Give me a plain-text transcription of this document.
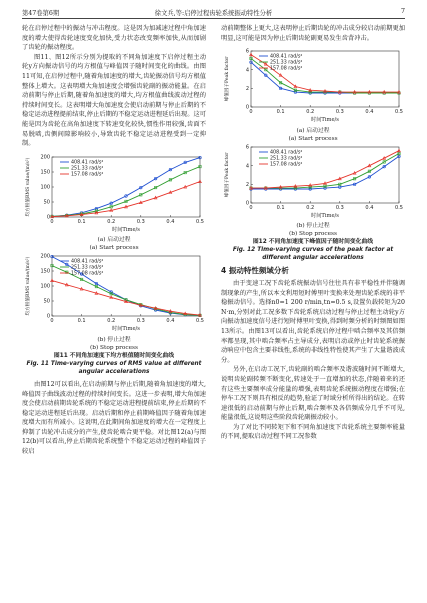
第47卷第6期	徐文兵,等:启停过程齿轮系统振动特性分析	7

轮在启停过程中的振动与冲击程度。这是因为加减速过程中角加速度的增大使得齿轮速度变化加快,受力状态改变频率加快,从而加剧了齿轮的振动程度。

图11、图12所示分别为提取的不同角加速度下启停过程主动轮y方向振动信号的均方根值与峰值因子随时间变化的曲线。由图11可知,在启停过程中,随着角加速度的增大,齿轮振动信号均方根值整体上增大。这表明增大角加速度会增强齿轮副的振动能量。在启动前期与停止后期,随着角加速度的增大,均方根值曲线波动过程的持续时间变长。这表明增大角加速度会使启动前期与停止后期的不稳定运动进程提前结束,停止后期的不稳定运动进程延后出现。这可能是因为齿轮在高角加速度下转速变化较快,惯性作用较强,齿面不易脱啮,齿侧间隙影响较小,导致齿轮不稳定运动进程受到一定抑制。

0	0.1	0.2	0.3	0.4	0.5
0
50
100
150
200
时间Time/s
均方根值RMS value/(m/s²)	408.41 rad/s²
251.33 rad/s²
157.08 rad/s²
(a) 启动过程
(a) Start process
0	0.1	0.2	0.3	0.4	0.5
0
50
100
150
200
时间Time/s
均方根值RMS value/(m/s²)	408.41 rad/s²
251.33 rad/s²
157.08 rad/s²
(b) 停止过程
(b) Stop process
图11 不同角加速度下均方根值随时间变化曲线
Fig. 11 Time-varying curves of RMS value at different angular accelerations

由图12可以看出,在启动前期与停止后期,随着角加速度的增大,峰值因子曲线波动过程的持续时间变长。这进一步表明,增大角加速度会使启动前期齿轮系统的不稳定运动进程提前结束,停止后期的不稳定运动进程延后出现。启动后期和停止前期峰值因子随着角加速度增大而有所减小。这说明,在此期间角加速度的增大在一定程度上抑制了齿轮冲击成分的产生,使齿轮啮合更平稳。对比图12(a)与图12(b)可以看出,停止后期齿轮系统整个不稳定运动过程的峰值因子较启

动前期整体上更大,这表明停止后期齿轮的冲击成分较启动前期更加明显,这可能是因为停止后期齿轮副更易发生齿背冲击。

0	0.1	0.2	0.3	0.4	0.5
0
2
4
6
时间Time/s
峰值因子Peak factor	408.41 rad/s²
251.33 rad/s²
157.08 rad/s²
(a) 启动过程
(a) Start process
0	0.1	0.2	0.3	0.4	0.5
0
2
4
6
时间Time/s
峰值因子Peak factor	408.41 rad/s²
251.33 rad/s²
157.08 rad/s²
(b) 停止过程
(b) Stop process
图12 不同角加速度下峰值因子随时间变化曲线
Fig. 12 Time-varying curves of the peak factor at different angular accelerations
4 振动特性频域分析

由于变速工况下齿轮系统振动信号往往具有非平稳性并伴随调制现象的产生,所以本文利用短时傅里叶变换来处理齿轮系统的非平稳振动信号。选择n0=1 200 r/min,tn=0.5 s,设置负载转矩为20 N·m,分别对此工况多数下齿轮系统启动过程与停止过程主动轮y方向振动加速度信号进行短时傅里叶变换,得到时频分析的时频图如图13所示。由图13可以看出,齿轮系统启停过程中啮合频率及其倍频率都呈现,其中啮合频率占主导成分,表明启动或停止时齿轮系统振动响应中包含主要非线性,系统的非线性特性使其产生了大量谐波成分。

另外,在启动工况下,齿轮副的啮合频率及谐波随时间不断增大,说明齿轮副转频不断变化,转速处于一直增加的状态,伴随着来的还有这些主要频率成分能量的增强,表明齿轮系统振动程度在增强;在停车工况下则具有相反的趋势,验证了时域分析所得出的结论。在转速很低的启动前期与停止后期,啮合频率及各倍频成分几乎不可见,能量很低,这说明这些阶段齿轮副振动较小。

为了对比不同转矩下和不同角加速度下齿轮系统主要频率能量的不同,提取启动过程不同工况参数
